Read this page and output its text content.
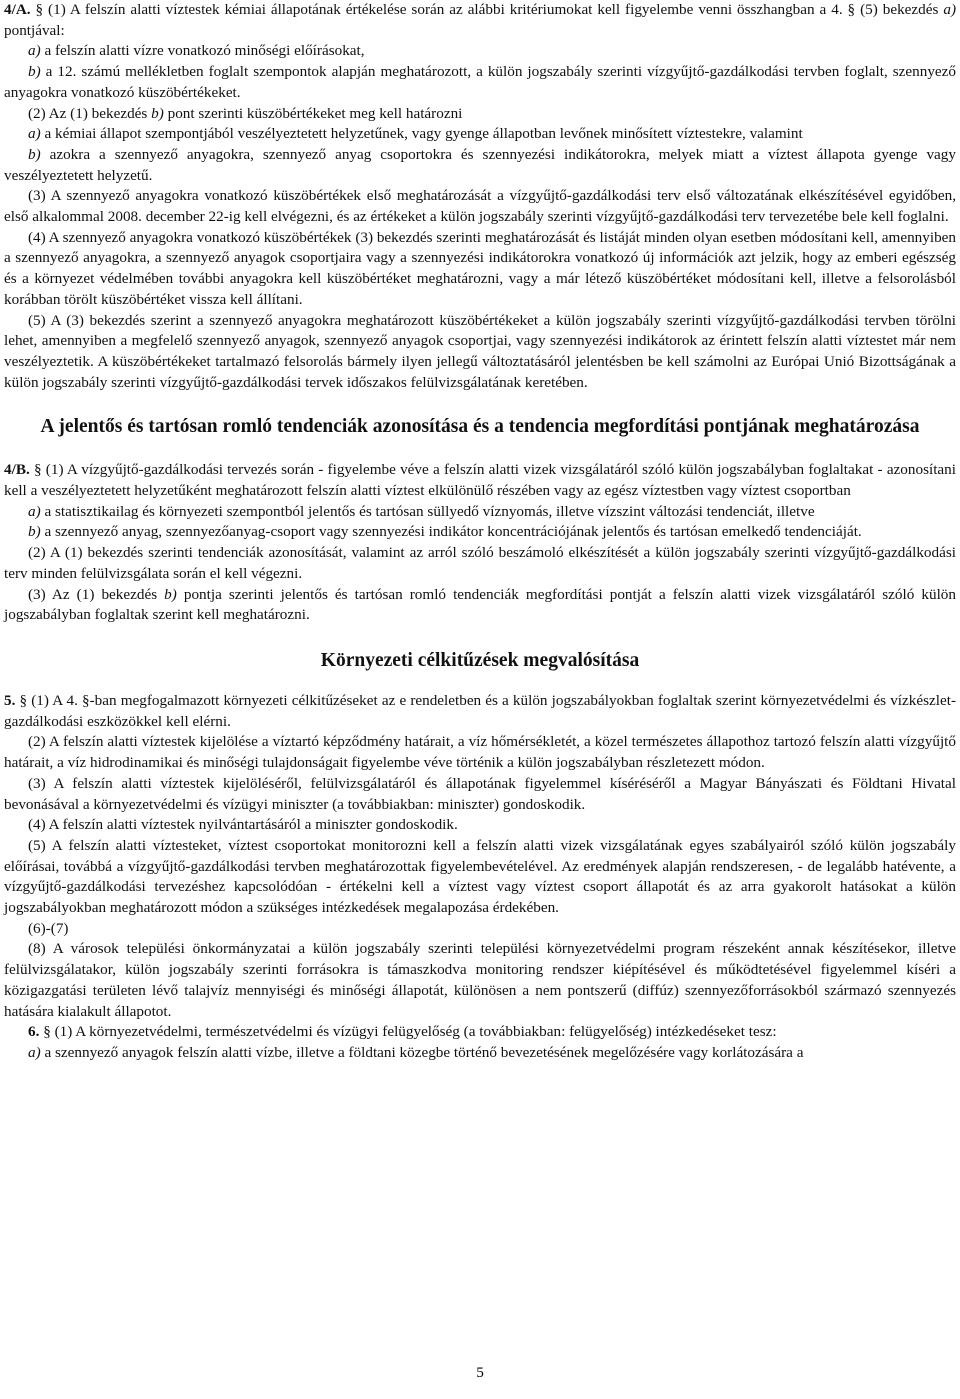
4/A. § (1) A felszín alatti víztestek kémiai állapotának értékelése során az alábbi kritériumokat kell figyelembe venni összhangban a 4. § (5) bekezdés a) pontjával:

a) a felszín alatti vízre vonatkozó minőségi előírásokat,

b) a 12. számú mellékletben foglalt szempontok alapján meghatározott, a külön jogszabály szerinti vízgyűjtő-gazdálkodási tervben foglalt, szennyező anyagokra vonatkozó küszöbértékeket.

(2) Az (1) bekezdés b) pont szerinti küszöbértékeket meg kell határozni

a) a kémiai állapot szempontjából veszélyeztetett helyzetűnek, vagy gyenge állapotban levőnek minősített víztestekre, valamint

b) azokra a szennyező anyagokra, szennyező anyag csoportokra és szennyezési indikátorokra, melyek miatt a víztest állapota gyenge vagy veszélyeztetett helyzetű.

(3) A szennyező anyagokra vonatkozó küszöbértékek első meghatározását a vízgyűjtő-gazdálkodási terv első változatának elkészítésével egyidőben, első alkalommal 2008. december 22-ig kell elvégezni, és az értékeket a külön jogszabály szerinti vízgyűjtő-gazdálkodási terv tervezetébe bele kell foglalni.

(4) A szennyező anyagokra vonatkozó küszöbértékek (3) bekezdés szerinti meghatározását és listáját minden olyan esetben módosítani kell, amennyiben a szennyező anyagokra, a szennyező anyagok csoportjaira vagy a szennyezési indikátorokra vonatkozó új információk azt jelzik, hogy az emberi egészség és a környezet védelmében további anyagokra kell küszöbértéket meghatározni, vagy a már létező küszöbértéket módosítani kell, illetve a felsorolásból korábban törölt küszöbértéket vissza kell állítani.

(5) A (3) bekezdés szerint a szennyező anyagokra meghatározott küszöbértékeket a külön jogszabály szerinti vízgyűjtő-gazdálkodási tervben törölni lehet, amennyiben a megfelelő szennyező anyagok, szennyező anyagok csoportjai, vagy szennyezési indikátorok az érintett felszín alatti víztestet már nem veszélyeztetik. A küszöbértékeket tartalmazó felsorolás bármely ilyen jellegű változtatásáról jelentésben be kell számolni az Európai Unió Bizottságának a külön jogszabály szerinti vízgyűjtő-gazdálkodási tervek időszakos felülvizsgálatának keretében.

A jelentős és tartósan romló tendenciák azonosítása és a tendencia megfordítási pontjának meghatározása

4/B. § (1) A vízgyűjtő-gazdálkodási tervezés során - figyelembe véve a felszín alatti vizek vizsgálatáról szóló külön jogszabályban foglaltakat - azonosítani kell a veszélyeztetett helyzetűként meghatározott felszín alatti víztest elkülönülő részében vagy az egész víztestben vagy víztest csoportban

a) a statisztikailag és környezeti szempontból jelentős és tartósan süllyedő víznyomás, illetve vízszint változási tendenciát, illetve

b) a szennyező anyag, szennyezőanyag-csoport vagy szennyezési indikátor koncentrációjának jelentős és tartósan emelkedő tendenciáját.

(2) A (1) bekezdés szerinti tendenciák azonosítását, valamint az arról szóló beszámoló elkészítését a külön jogszabály szerinti vízgyűjtő-gazdálkodási terv minden felülvizsgálata során el kell végezni.

(3) Az (1) bekezdés b) pontja szerinti jelentős és tartósan romló tendenciák megfordítási pontját a felszín alatti vizek vizsgálatáról szóló külön jogszabályban foglaltak szerint kell meghatározni.

Környezeti célkitűzések megvalósítása

5. § (1) A 4. §-ban megfogalmazott környezeti célkitűzéseket az e rendeletben és a külön jogszabályokban foglaltak szerint környezetvédelmi és vízkészlet-gazdálkodási eszközökkel kell elérni.

(2) A felszín alatti víztestek kijelölése a víztartó képződmény határait, a víz hőmérsékletét, a közel természetes állapothoz tartozó felszín alatti vízgyűjtő határait, a víz hidrodinamikai és minőségi tulajdonságait figyelembe véve történik a külön jogszabályban részletezett módon.

(3) A felszín alatti víztestek kijelöléséről, felülvizsgálatáról és állapotának figyelemmel kíséréséről a Magyar Bányászati és Földtani Hivatal bevonásával a környezetvédelmi és vízügyi miniszter (a továbbiakban: miniszter) gondoskodik.

(4) A felszín alatti víztestek nyilvántartásáról a miniszter gondoskodik.

(5) A felszín alatti víztesteket, víztest csoportokat monitorozni kell a felszín alatti vizek vizsgálatának egyes szabályairól szóló külön jogszabály előírásai, továbbá a vízgyűjtő-gazdálkodási tervben meghatározottak figyelembevételével. Az eredmények alapján rendszeresen, - de legalább hatévente, a vízgyűjtő-gazdálkodási tervezéshez kapcsolódóan - értékelni kell a víztest vagy víztest csoport állapotát és az arra gyakorolt hatásokat a külön jogszabályokban meghatározott módon a szükséges intézkedések megalapozása érdekében.

(6)-(7)

(8) A városok települési önkormányzatai a külön jogszabály szerinti települési környezetvédelmi program részeként annak készítésekor, illetve felülvizsgálatakor, külön jogszabály szerinti forrásokra is támaszkodva monitoring rendszer kiépítésével és működtetésével figyelemmel kíséri a közigazgatási területen lévő talajvíz mennyiségi és minőségi állapotát, különösen a nem pontszerű (diffúz) szennyezőforrásokból származó szennyezés hatására kialakult állapotot.

6. § (1) A környezetvédelmi, természetvédelmi és vízügyi felügyelőség (a továbbiakban: felügyelőség) intézkedéseket tesz:

a) a szennyező anyagok felszín alatti vízbe, illetve a földtani közegbe történő bevezetésének megelőzésére vagy korlátozására a

5
